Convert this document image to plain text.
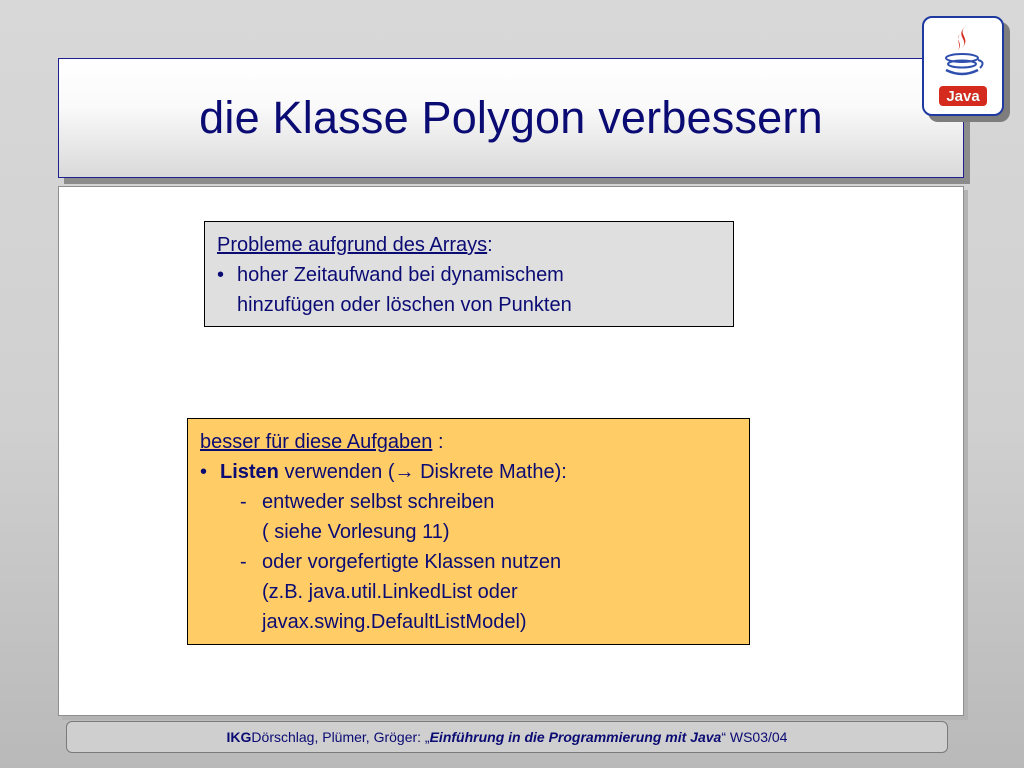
die Klasse Polygon verbessern	Java
Probleme aufgrund des Arrays:
• hoher Zeitaufwand bei dynamischem
hinzufügen oder löschen von Punkten
besser für diese Aufgaben :
• Listen verwenden (→ Diskrete Mathe):
- entweder selbst schreiben
( siehe Vorlesung 11)
- oder vorgefertigte Klassen nutzen
(z.B. java.util.LinkedList oder
javax.swing.DefaultListModel)
IKG Dörschlag, Plümer, Gröger: „ Einführung in die Programmierung mit Java “ WS03/04
